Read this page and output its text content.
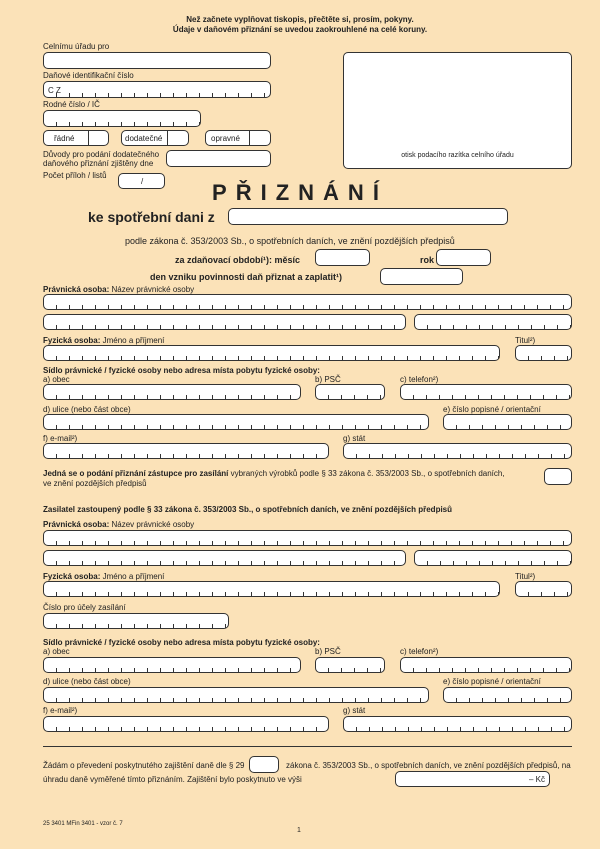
Než začnete vyplňovat tiskopis, přečtěte si, prosím, pokyny.
Údaje v daňovém přiznání se uvedou zaokrouhlené na celé koruny.
Celnímu úřadu pro
Daňové identifikační číslo
C Z
Rodné číslo / IČ
řádné	dodatečné	opravné
Důvody pro podání dodatečného
daňového přiznání zjištěny dne
Počet příloh / listů
/
otisk podacího razítka celního úřadu
PŘIZNÁNÍ
ke spotřební dani z
podle zákona č. 353/2003 Sb., o spotřebních daních, ve znění pozdějších předpisů
za zdaňovací období¹): měsíc	rok
den vzniku povinnosti daň přiznat a zaplatit¹)
Právnická osoba: Název právnické osoby
Fyzická osoba: Jméno a příjmení	Titul²)
Sídlo právnické / fyzické osoby nebo adresa místa pobytu fyzické osoby:
a) obec	b) PSČ	c) telefon²)
d) ulice (nebo část obce)	e) číslo popisné / orientační
f) e-mail²)	g) stát
Jedná se o podání přiznání zástupce pro zasílání vybraných výrobků podle § 33 zákona č. 353/2003 Sb., o spotřebních daních,
ve znění pozdějších předpisů
Zasilatel zastoupený podle § 33 zákona č. 353/2003 Sb., o spotřebních daních, ve znění pozdějších předpisů
Právnická osoba: Název právnické osoby
Fyzická osoba: Jméno a příjmení	Titul²)
Číslo pro účely zasílání
Sídlo právnické / fyzické osoby nebo adresa místa pobytu fyzické osoby:
a) obec	b) PSČ	c) telefon²)
d) ulice (nebo část obce)	e) číslo popisné / orientační
f) e-mail²)	g) stát
Žádám o převedení poskytnutého zajištění daně dle § 29	zákona č. 353/2003 Sb., o spotřebních daních, ve znění pozdějších předpisů, na
úhradu daně vyměřené tímto přiznáním. Zajištění bylo poskytnuto ve výši	– Kč
25 3401 MFin 3401 - vzor č. 7
1
